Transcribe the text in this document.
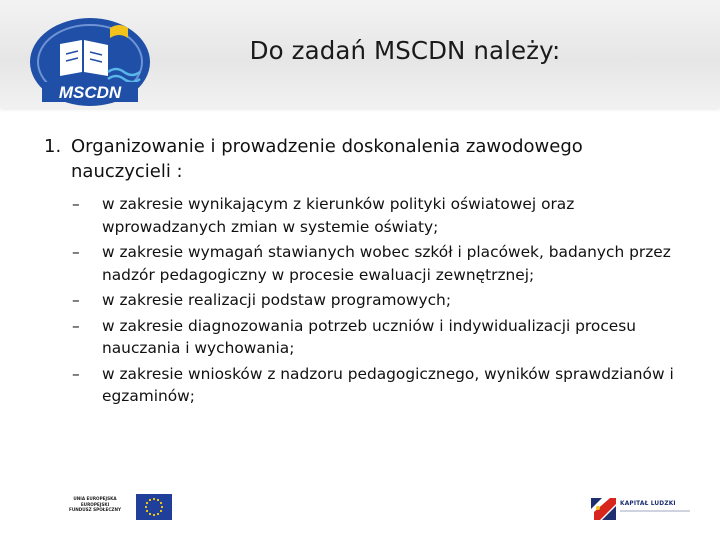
MSCDN
Do zadań MSCDN należy:
1. Organizowanie i prowadzenie doskonalenia zawodowego nauczycieli :
–	w zakresie wynikającym z kierunków polityki oświatowej oraz wprowadzanych zmian w systemie oświaty;
–	w zakresie wymagań stawianych wobec szkół i placówek, badanych przez nadzór pedagogiczny w procesie ewaluacji zewnętrznej;
–	w zakresie realizacji podstaw programowych;
–	w zakresie diagnozowania potrzeb uczniów i indywidualizacji procesu nauczania i wychowania;
–	w zakresie wniosków z nadzoru pedagogicznego, wyników sprawdzianów i egzaminów;
UNIA EUROPEJSKA
EUROPEJSKI
FUNDUSZ SPOŁECZNY
KAPITAŁ LUDZKI
